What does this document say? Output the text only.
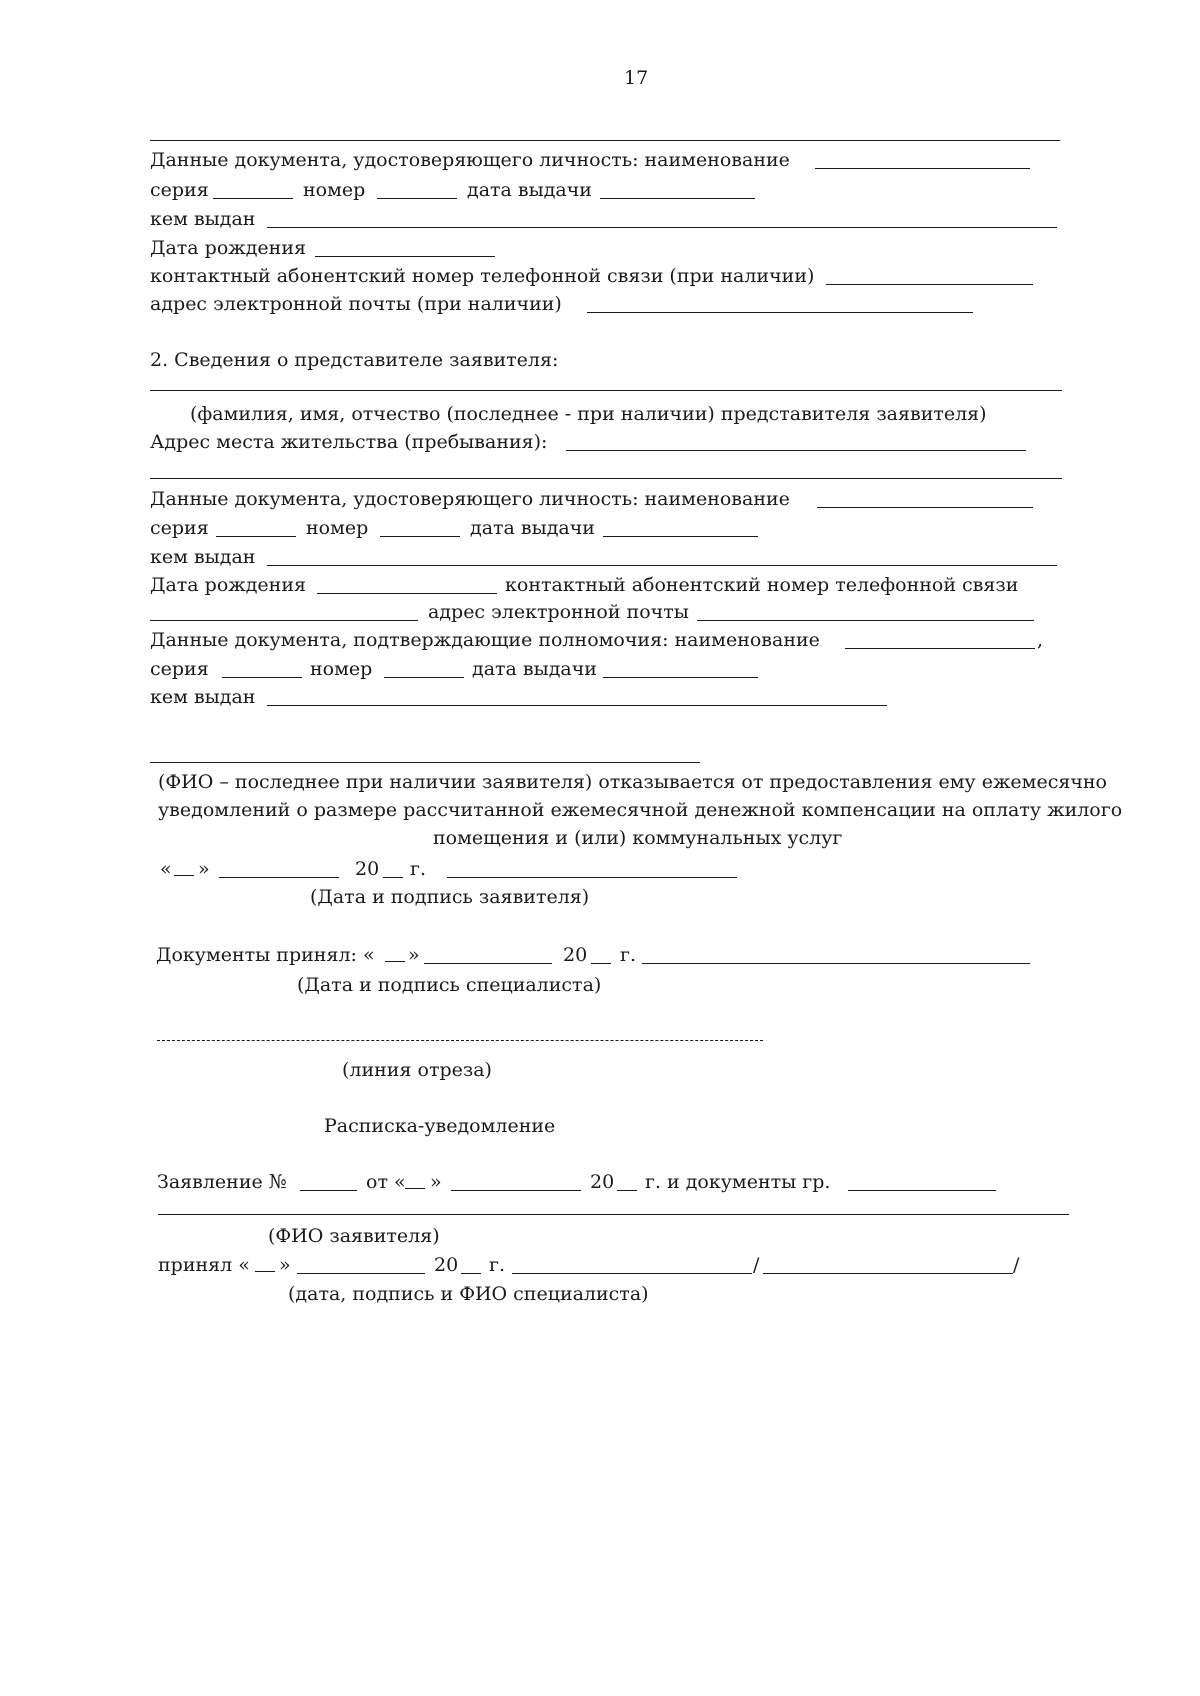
17
Данные документа, удостоверяющего личность: наименование
серия	номер	дата выдачи
кем выдан
Дата рождения
контактный абонентский номер телефонной связи (при наличии)
адрес электронной почты (при наличии)
2. Сведения о представителе заявителя:
(фамилия, имя, отчество (последнее - при наличии) представителя заявителя)
Адрес места жительства (пребывания):
Данные документа, удостоверяющего личность: наименование
серия	номер	дата выдачи
кем выдан
Дата рождения	контактный абонентский номер телефонной связи
адрес электронной почты
Данные документа, подтверждающие полномочия: наименование	,
серия	номер	дата выдачи
кем выдан
(ФИО – последнее при наличии заявителя) отказывается от предоставления ему ежемесячно
уведомлений о размере рассчитанной ежемесячной денежной компенсации на оплату жилого
помещения и (или) коммунальных услуг
« »	20 г.
(Дата и подпись заявителя)
Документы принял: « »	20 г.
(Дата и подпись специалиста)
(линия отреза)
Расписка-уведомление
Заявление №	от « »	20 г. и документы гр.
(ФИО заявителя)
принял « »	20 г.	/	/
(дата, подпись и ФИО специалиста)
